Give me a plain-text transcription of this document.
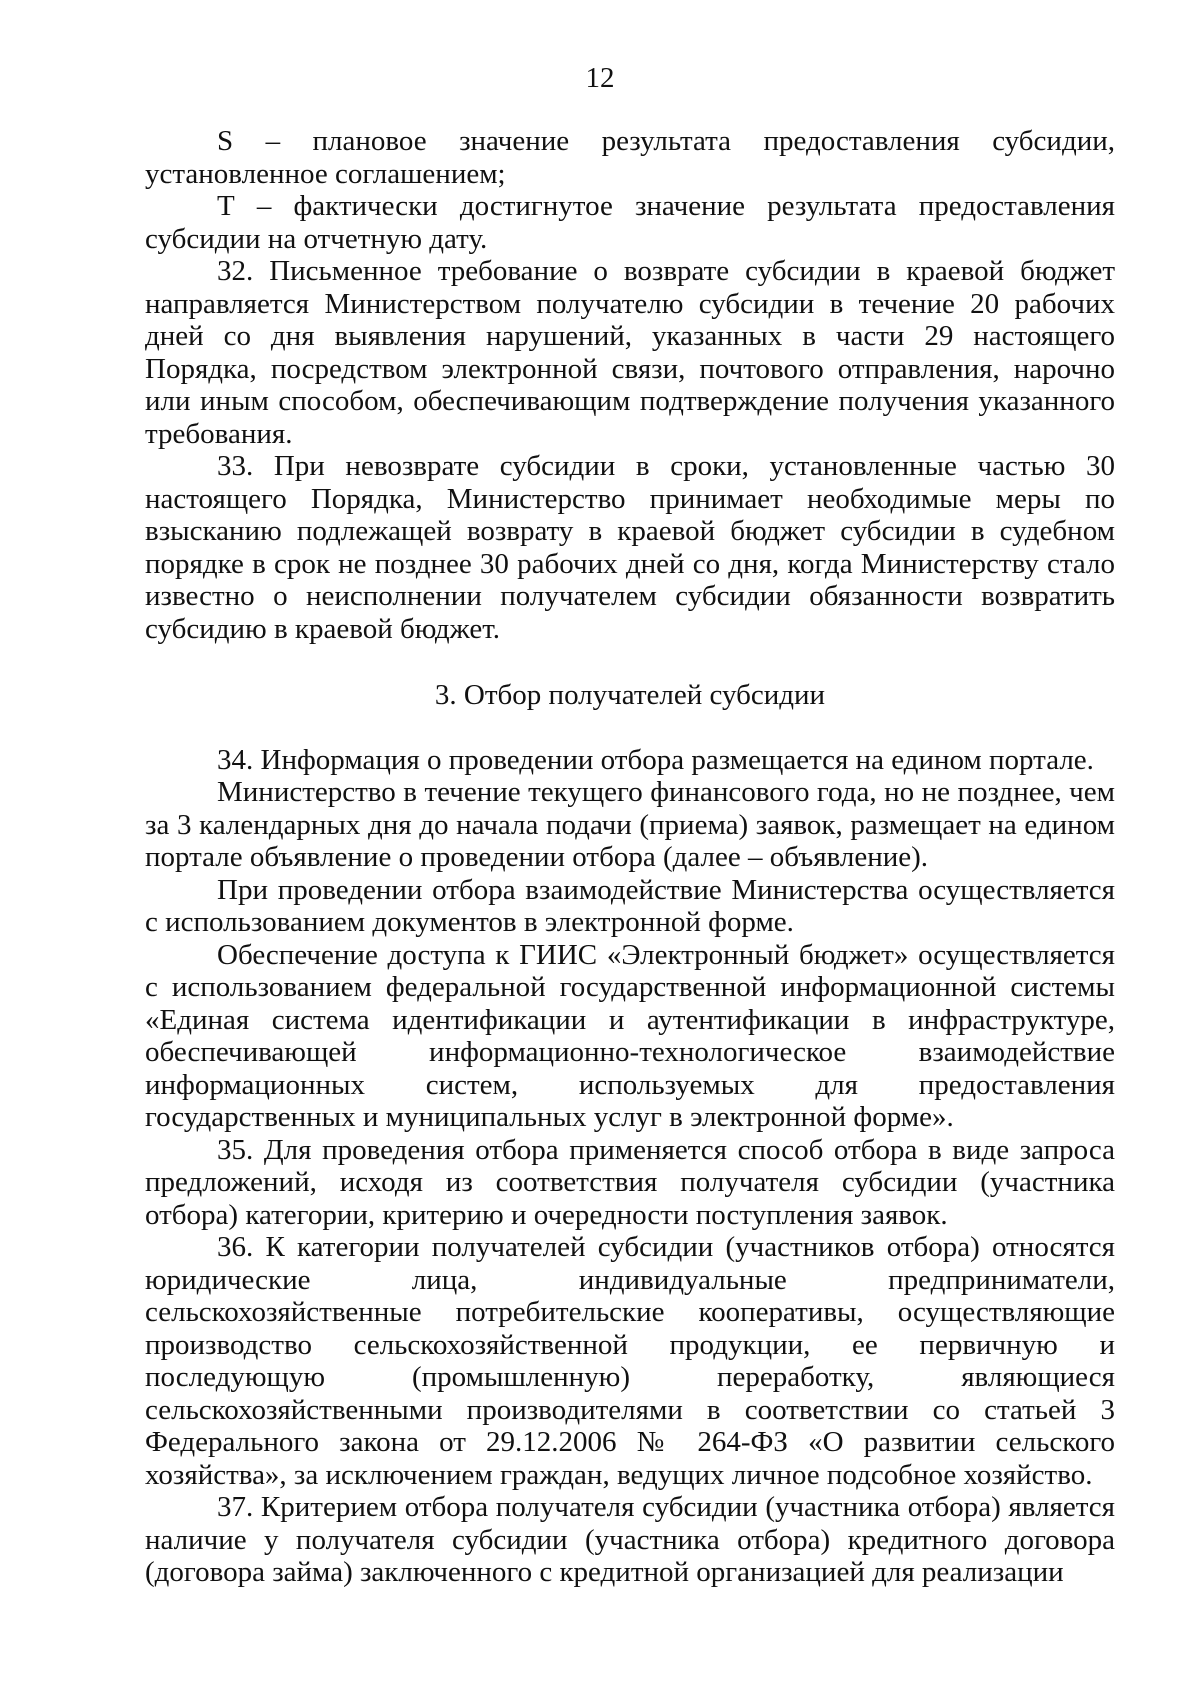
12

S – плановое значение результата предоставления субсидии, установленное соглашением;

Т – фактически достигнутое значение результата предоставления субсидии на отчетную дату.

32. Письменное требование о возврате субсидии в краевой бюджет направляется Министерством получателю субсидии в течение 20 рабочих дней со дня выявления нарушений, указанных в части 29 настоящего Порядка, посредством электронной связи, почтового отправления, нарочно или иным способом, обеспечивающим подтверждение получения указанного требования.

33. При невозврате субсидии в сроки, установленные частью 30 настоящего Порядка, Министерство принимает необходимые меры по взысканию подлежащей возврату в краевой бюджет субсидии в судебном порядке в срок не позднее 30 рабочих дней со дня, когда Министерству стало известно о неисполнении получателем субсидии обязанности возвратить субсидию в краевой бюджет.

3. Отбор получателей субсидии

34. Информация о проведении отбора размещается на едином портале.

Министерство в течение текущего финансового года, но не позднее, чем за 3 календарных дня до начала подачи (приема) заявок, размещает на едином портале объявление о проведении отбора (далее – объявление).

При проведении отбора взаимодействие Министерства осуществляется с использованием документов в электронной форме.

Обеспечение доступа к ГИИС «Электронный бюджет» осуществляется с использованием федеральной государственной информационной системы «Единая система идентификации и аутентификации в инфраструктуре, обеспечивающей информационно-технологическое взаимодействие информационных систем, используемых для предоставления государственных и муниципальных услуг в электронной форме».

35. Для проведения отбора применяется способ отбора в виде запроса предложений, исходя из соответствия получателя субсидии (участника отбора) категории, критерию и очередности поступления заявок.

36. К категории получателей субсидии (участников отбора) относятся юридические лица, индивидуальные предприниматели, сельскохозяйственные потребительские кооперативы, осуществляющие производство сельскохозяйственной продукции, ее первичную и последующую (промышленную) переработку, являющиеся сельскохозяйственными производителями в соответствии со статьей 3 Федерального закона от 29.12.2006 № 264-ФЗ «О развитии сельского хозяйства», за исключением граждан, ведущих личное подсобное хозяйство.

37. Критерием отбора получателя субсидии (участника отбора) является наличие у получателя субсидии (участника отбора) кредитного договора (договора займа) заключенного с кредитной организацией для реализации
